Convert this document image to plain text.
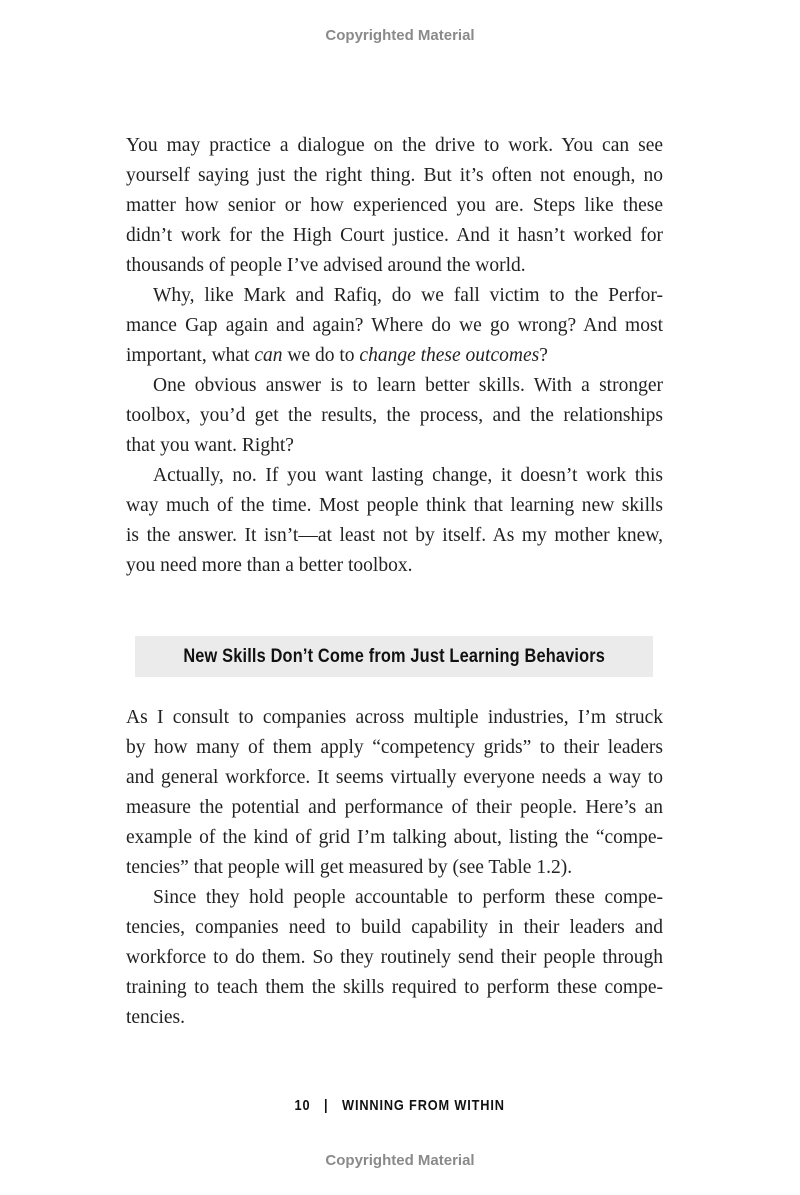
Copyrighted Material
You may practice a dialogue on the drive to work. You can see
yourself saying just the right thing. But it’s often not enough, no
matter how senior or how experienced you are. Steps like these
didn’t work for the High Court justice. And it hasn’t worked for
thousands of people I’ve advised around the world.
Why, like Mark and Rafiq, do we fall victim to the Perfor-
mance Gap again and again? Where do we go wrong? And most
important, what can we do to change these outcomes?
One obvious answer is to learn better skills. With a stronger
toolbox, you’d get the results, the process, and the relationships
that you want. Right?
Actually, no. If you want lasting change, it doesn’t work this
way much of the time. Most people think that learning new skills
is the answer. It isn’t—at least not by itself. As my mother knew,
you need more than a better toolbox.
New Skills Don’t Come from Just Learning Behaviors
As I consult to companies across multiple industries, I’m struck
by how many of them apply “competency grids” to their leaders
and general workforce. It seems virtually everyone needs a way to
measure the potential and performance of their people. Here’s an
example of the kind of grid I’m talking about, listing the “compe-
tencies” that people will get measured by (see Table 1.2).
Since they hold people accountable to perform these compe-
tencies, companies need to build capability in their leaders and
workforce to do them. So they routinely send their people through
training to teach them the skills required to perform these compe-
tencies.
10 | WINNING FROM WITHIN
Copyrighted Material
